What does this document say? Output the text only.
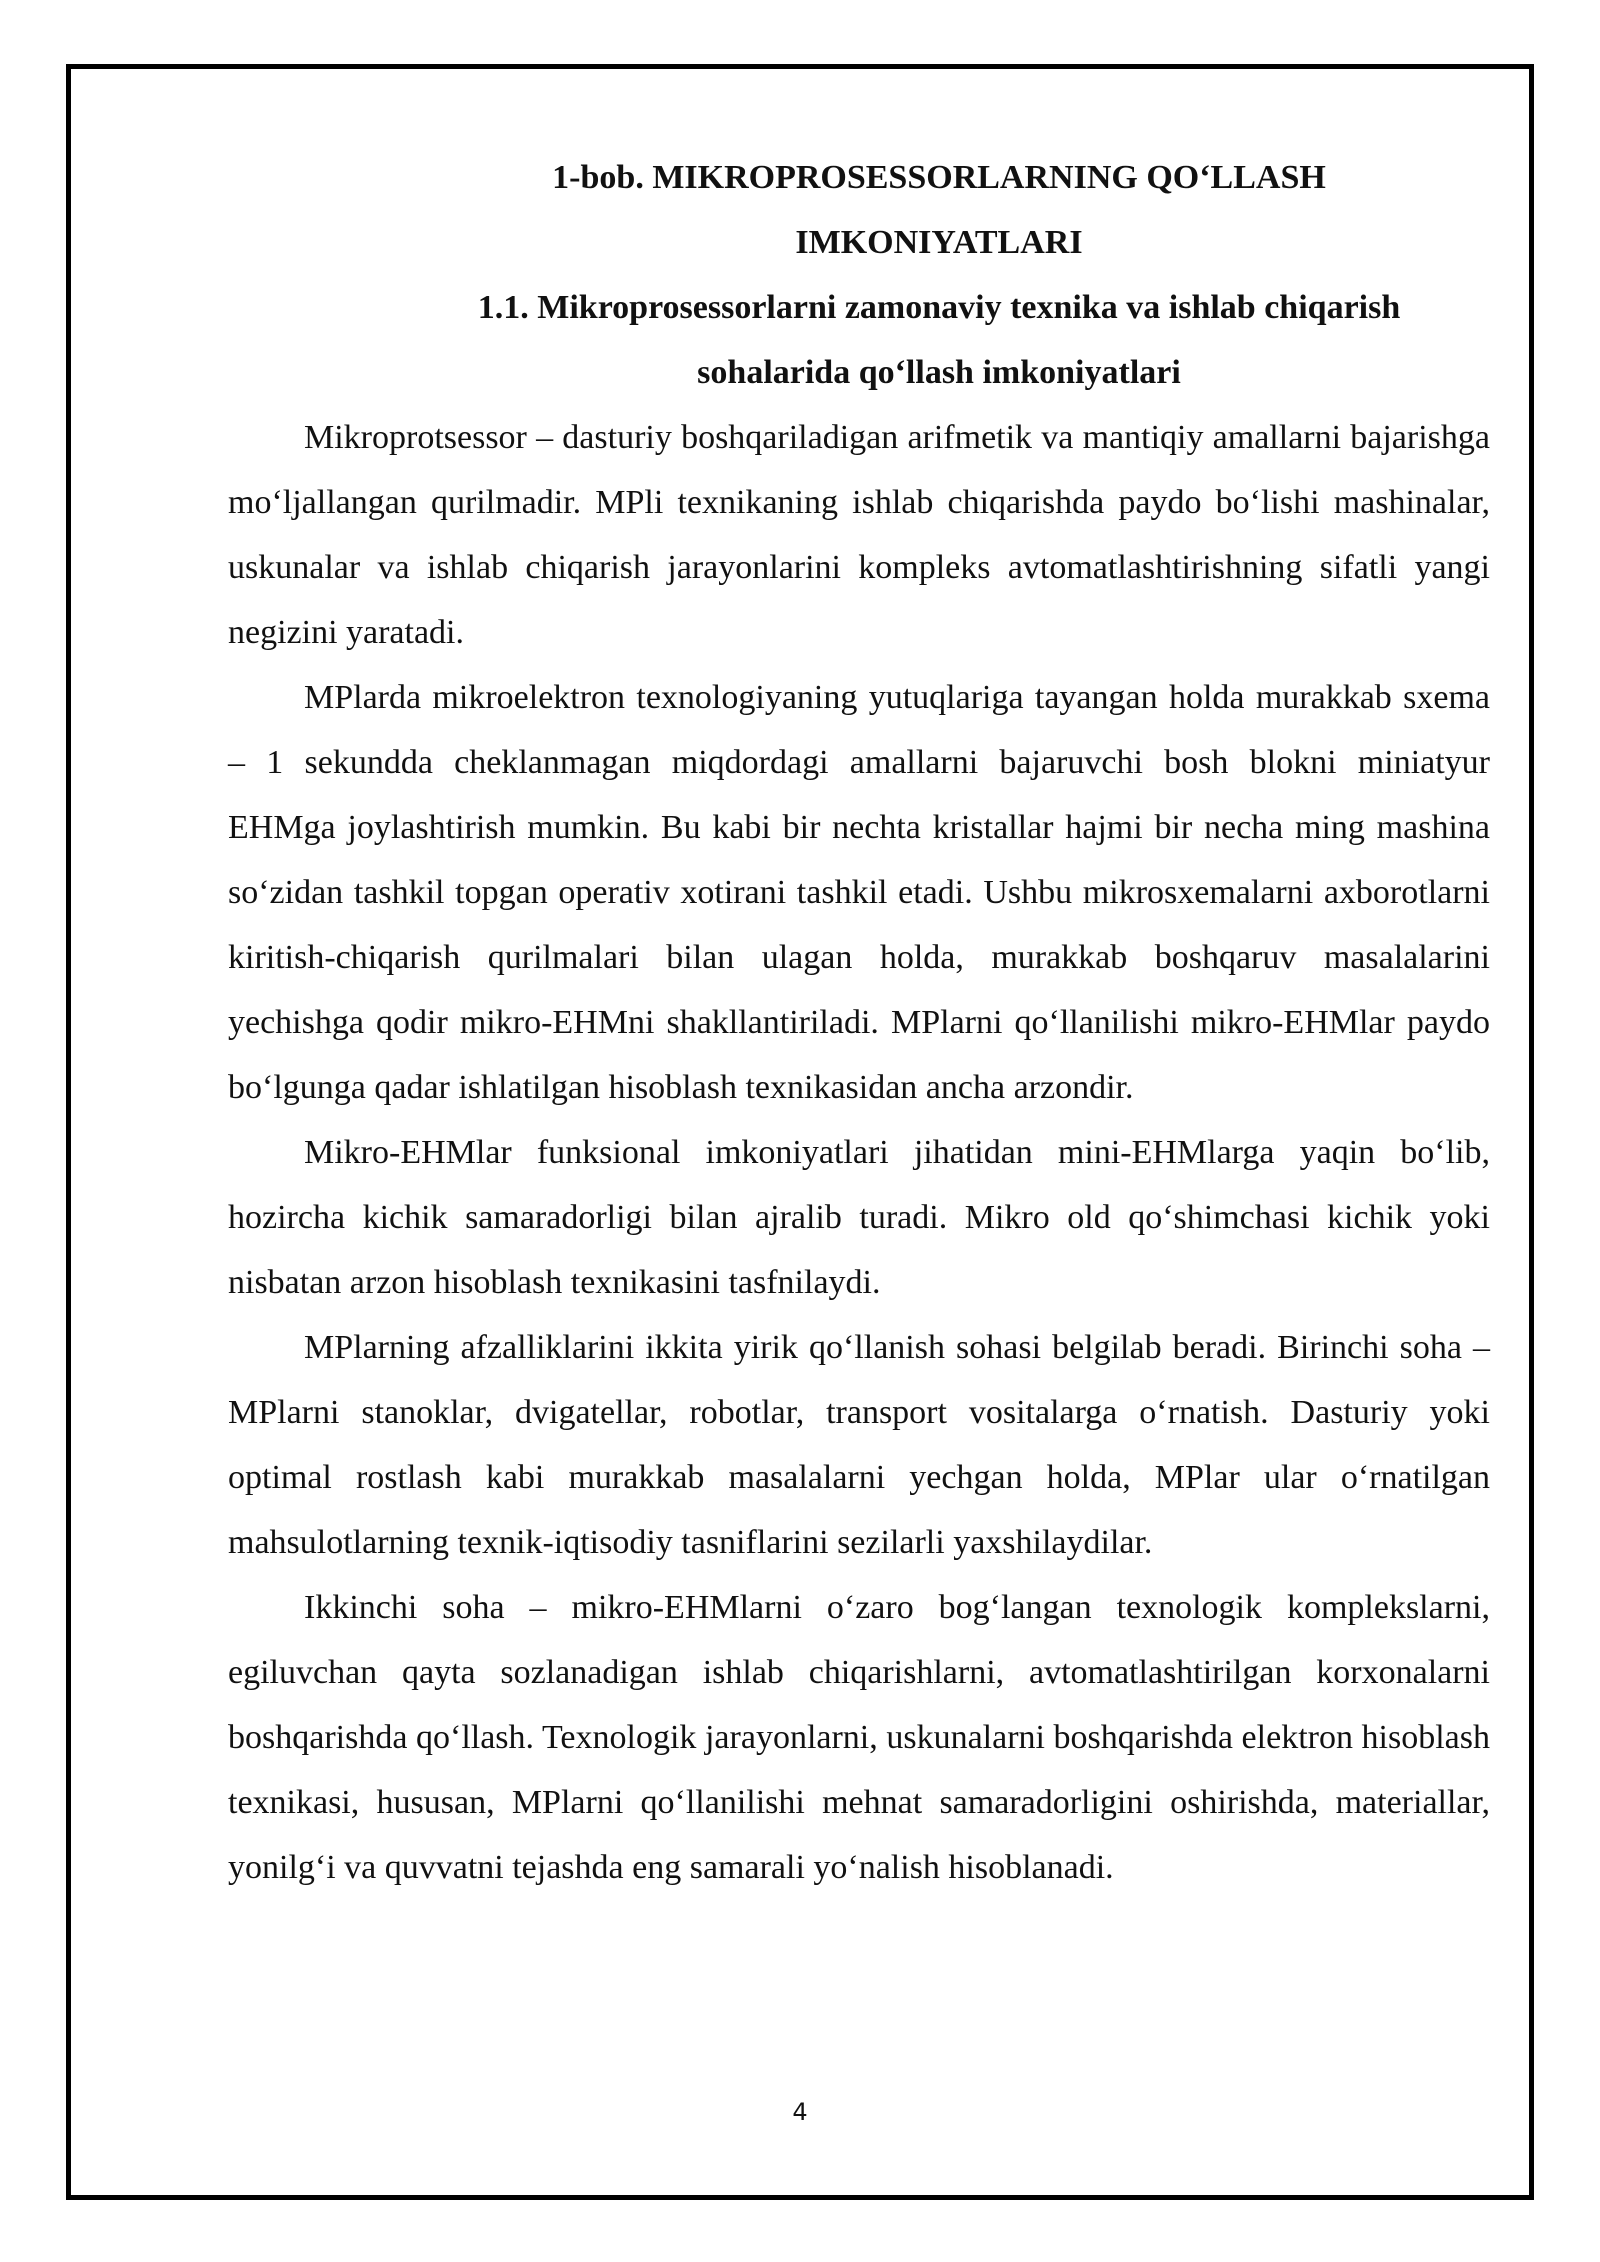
1-bob. MIKROPROSESSORLARNING QO‘LLASH
IMKONIYATLARI
1.1. Mikroprosessorlarni zamonaviy texnika va ishlab chiqarish
sohalarida qo‘llash imkoniyatlari

Mikroprotsessor – dasturiy boshqariladigan arifmetik va mantiqiy amallarni bajarishga mo‘ljallangan qurilmadir. MPli texnikaning ishlab chiqarishda paydo bo‘lishi mashinalar, uskunalar va ishlab chiqarish jarayonlarini kompleks avtomatlashtirishning sifatli yangi negizini yaratadi.

MPlarda mikroelektron texnologiyaning yutuqlariga tayangan holda murakkab sxema – 1 sekundda cheklanmagan miqdordagi amallarni bajaruvchi bosh blokni miniatyur EHMga joylashtirish mumkin. Bu kabi bir nechta kristallar hajmi bir necha ming mashina so‘zidan tashkil topgan operativ xotirani tashkil etadi. Ushbu mikrosxemalarni axborotlarni kiritish-chiqarish qurilmalari bilan ulagan holda, murakkab boshqaruv masalalarini yechishga qodir mikro-EHMni shakllantiriladi. MPlarni qo‘llanilishi mikro-EHMlar paydo bo‘lgunga qadar ishlatilgan hisoblash texnikasidan ancha arzondir.

Mikro-EHMlar funksional imkoniyatlari jihatidan mini-EHMlarga yaqin bo‘lib, hozircha kichik samaradorligi bilan ajralib turadi. Mikro old qo‘shimchasi kichik yoki nisbatan arzon hisoblash texnikasini tasfnilaydi.

MPlarning afzalliklarini ikkita yirik qo‘llanish sohasi belgilab beradi. Birinchi soha – MPlarni stanoklar, dvigatellar, robotlar, transport vositalarga o‘rnatish. Dasturiy yoki optimal rostlash kabi murakkab masalalarni yechgan holda, MPlar ular o‘rnatilgan mahsulotlarning texnik-iqtisodiy tasniflarini sezilarli yaxshilaydilar.

Ikkinchi soha – mikro-EHMlarni o‘zaro bog‘langan texnologik komplekslarni, egiluvchan qayta sozlanadigan ishlab chiqarishlarni, avtomatlashtirilgan korxonalarni boshqarishda qo‘llash. Texnologik jarayonlarni, uskunalarni boshqarishda elektron hisoblash texnikasi, hususan, MPlarni qo‘llanilishi mehnat samaradorligini oshirishda, materiallar, yonilg‘i va quvvatni tejashda eng samarali yo‘nalish hisoblanadi.

4
